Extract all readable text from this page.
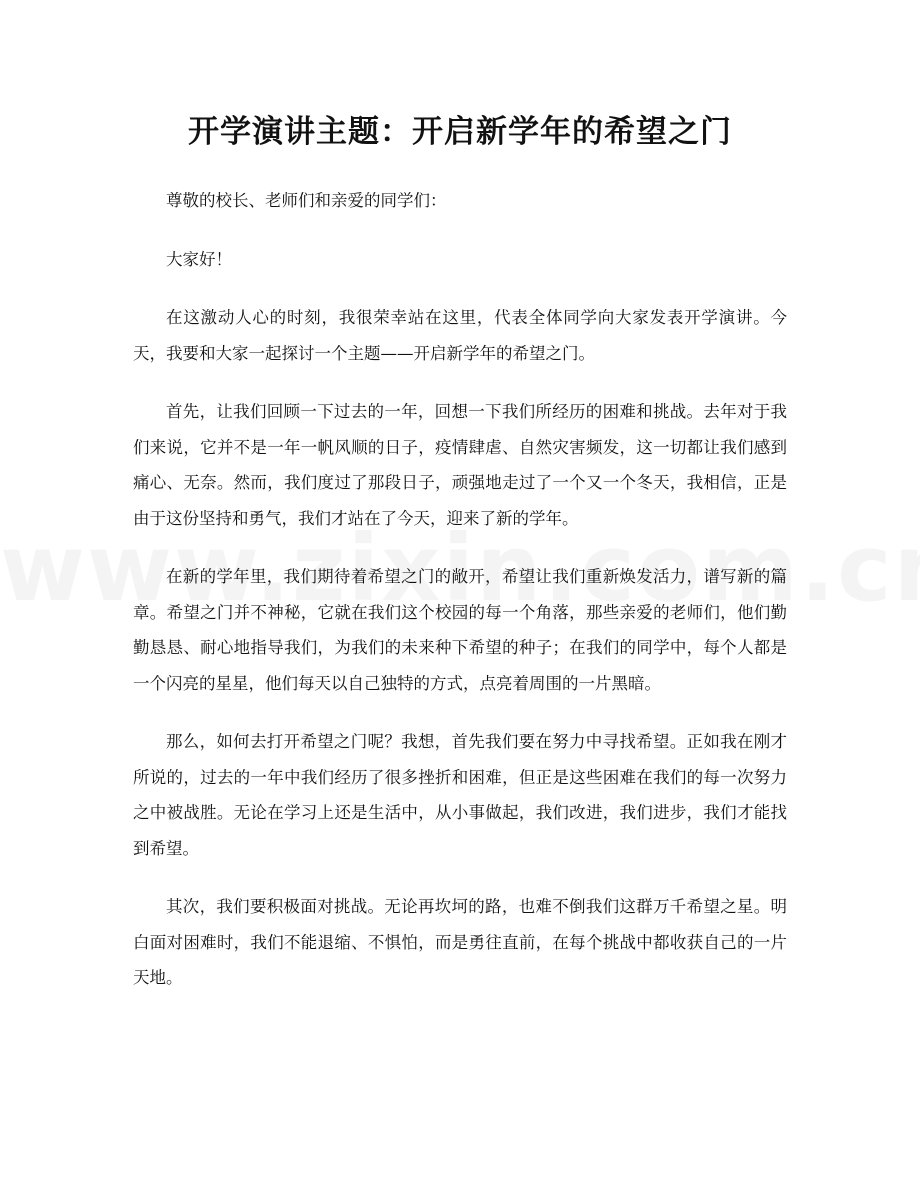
开学演讲主题：开启新学年的希望之门

尊敬的校长、老师们和亲爱的同学们：

大家好！

在这激动人心的时刻，我很荣幸站在这里，代表全体同学向大家发表开学演讲。今天，我要和大家一起探讨一个主题——开启新学年的希望之门。

首先，让我们回顾一下过去的一年，回想一下我们所经历的困难和挑战。去年对于我们来说，它并不是一年一帆风顺的日子，疫情肆虐、自然灾害频发，这一切都让我们感到痛心、无奈。然而，我们度过了那段日子，顽强地走过了一个又一个冬天，我相信，正是由于这份坚持和勇气，我们才站在了今天，迎来了新的学年。

在新的学年里，我们期待着希望之门的敞开，希望让我们重新焕发活力，谱写新的篇章。希望之门并不神秘，它就在我们这个校园的每一个角落，那些亲爱的老师们，他们勤勤恳恳、耐心地指导我们，为我们的未来种下希望的种子；在我们的同学中，每个人都是一个闪亮的星星，他们每天以自己独特的方式，点亮着周围的一片黑暗。

那么，如何去打开希望之门呢？我想，首先我们要在努力中寻找希望。正如我在刚才所说的，过去的一年中我们经历了很多挫折和困难，但正是这些困难在我们的每一次努力之中被战胜。无论在学习上还是生活中，从小事做起，我们改进，我们进步，我们才能找到希望。

其次，我们要积极面对挑战。无论再坎坷的路，也难不倒我们这群万千希望之星。明白面对困难时，我们不能退缩、不惧怕，而是勇往直前，在每个挑战中都收获自己的一片天地。
